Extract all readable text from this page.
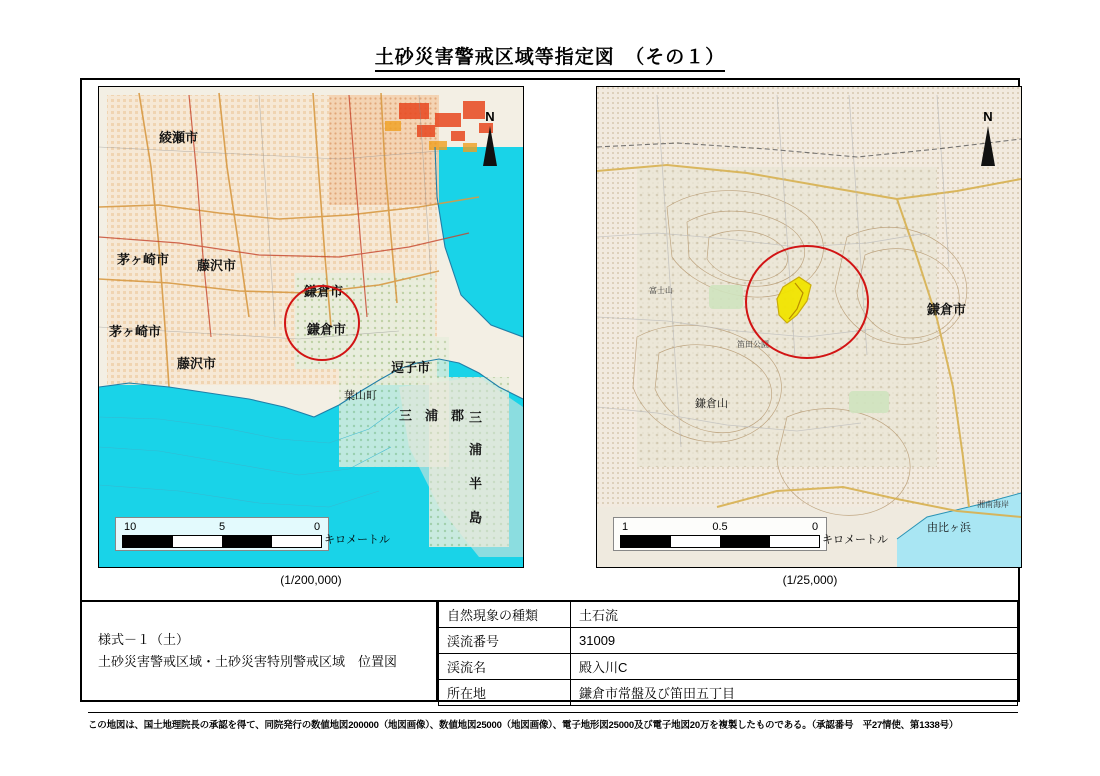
土砂災害警戒区域等指定図　（その１）
綾瀬市
茅ヶ崎市 藤沢市
鎌倉市
茅ヶ崎市	鎌倉市
藤沢市	逗子市
三　浦　郡
葉山町
三
浦
半
島
N
10	5	0
キロメートル
(1/200,000)
鎌倉市
由比ヶ浜
湘南海岸
鎌倉山
富士山
笛田公園
N
1	0.5	0
キロメートル
(1/25,000)
様式－１（土）
土砂災害警戒区域・土砂災害特別警戒区域　位置図
自然現象の種類	土石流
渓流番号	31009
渓流名	殿入川C
所在地	鎌倉市常盤及び笛田五丁目
この地図は、国土地理院長の承認を得て、同院発行の数値地図200000（地図画像）、数値地図25000（地図画像）、電子地形図25000及び電子地図20万を複製したものである。（承認番号　平27情使、第1338号）
